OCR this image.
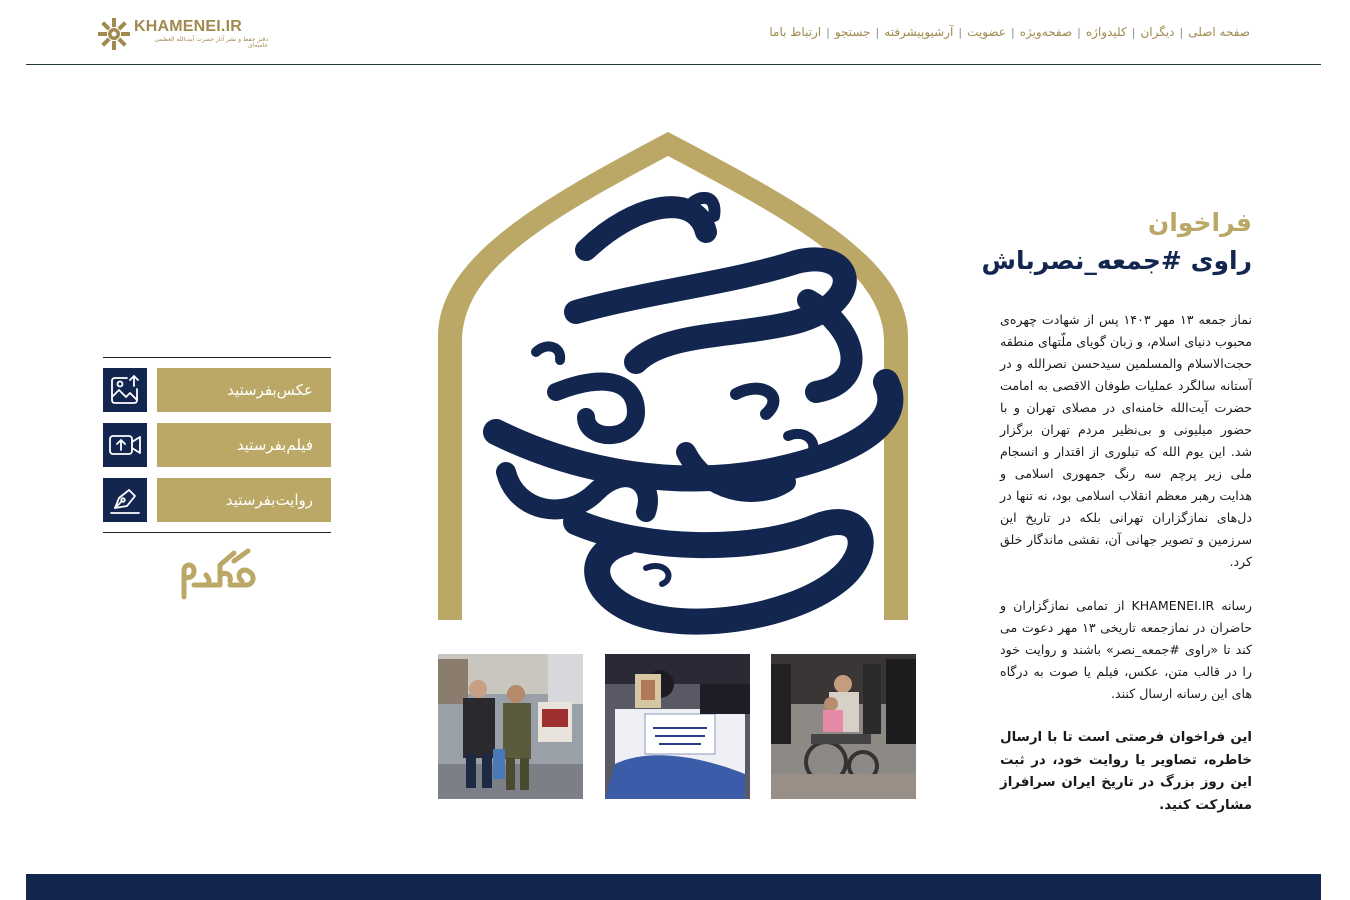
KHAMENEI.IR
دفتر حفظ و نشر آثار حضرت آیت‌الله العظمی خامنه‌ای
صفحه اصلی
|
دیگران
|
کلیدواژه
|
صفحه‌ویژه
|
عضویت
|
آرشیو‌پیشرفته
|
جستجو
|
ارتباط باما
عکس‌بفرستید
فیلم‌بفرستید
روایت‌بفرستید
فراخوان
راوی #جمعه_نصرباش

نماز جمعه ۱۳ مهر ۱۴۰۳ پس از شهادت چهره‌ی محبوب دنیای اسلام، و زبان گویای ملّتهای منطقه حجت‌الاسلام والمسلمین سیدحسن نصرالله و در آستانه سالگرد عملیات طوفان الاقصی به امامت حضرت آیت‌الله خامنه‌ای در مصلای تهران و با حضور میلیونی و بی‌نظیر مردم تهران برگزار شد. این یوم الله که تبلوری از اقتدار و انسجام ملی زیر پرچم سه رنگ جمهوری اسلامی و هدایت رهبر معظم انقلاب اسلامی بود، نه تنها در دل‌های نمازگزاران تهرانی بلکه در تاریخ این سرزمین و تصویر جهانی آن، نقشی ماندگار خلق کرد.

رسانه KHAMENEI.IR از تمامی نمازگزاران و حاضران در نمازجمعه تاریخی ۱۳ مهر دعوت می کند تا «راوی #جمعه_نصر» باشند و روایت خود را در قالب متن، عکس، فیلم یا صوت به درگاه های این رسانه ارسال کنند.

این فراخوان فرصتی است تا با ارسال خاطره، تصاویر یا روایت خود، در ثبت این روز بزرگ در تاریخ ایران سرافراز مشارکت کنید.
